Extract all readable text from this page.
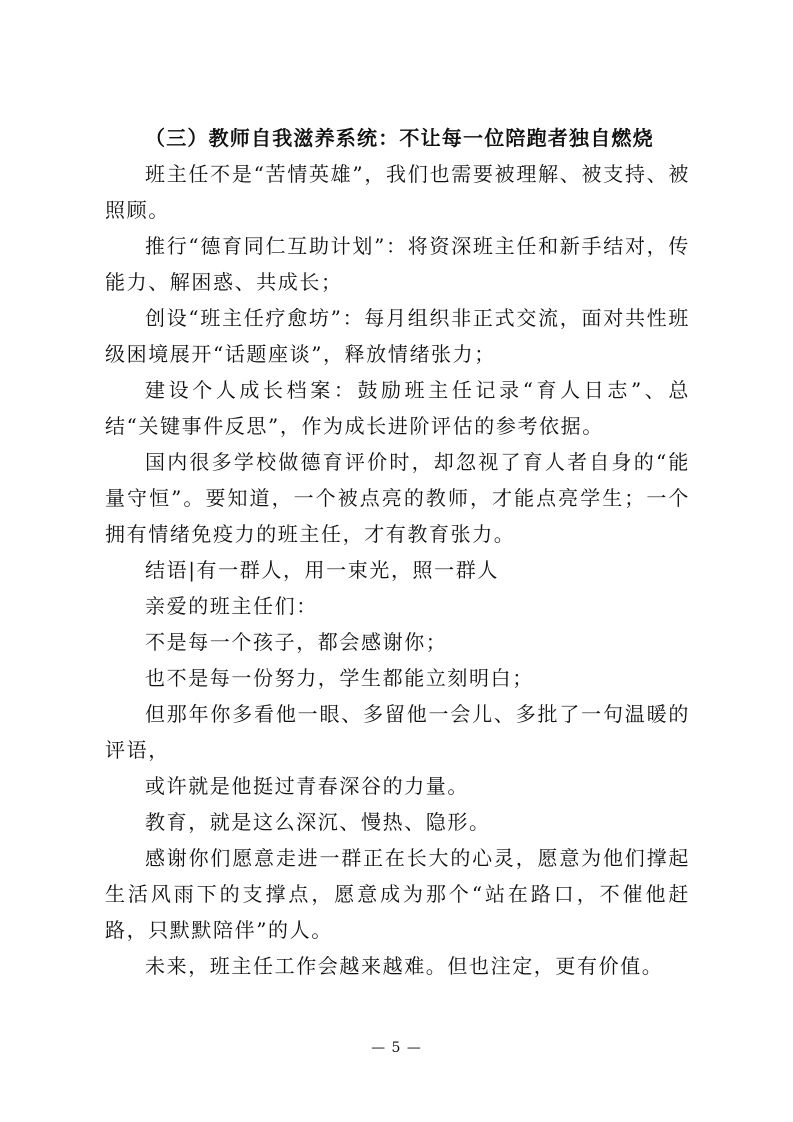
（三）教师自我滋养系统：不让每一位陪跑者独自燃烧

班主任不是“苦情英雄”，我们也需要被理解、被支持、被照顾。

推行“德育同仁互助计划”：将资深班主任和新手结对，传能力、解困惑、共成长；

创设“班主任疗愈坊”：每月组织非正式交流，面对共性班级困境展开“话题座谈”，释放情绪张力；

建设个人成长档案：鼓励班主任记录“育人日志”、总结“关键事件反思”，作为成长进阶评估的参考依据。

国内很多学校做德育评价时，却忽视了育人者自身的“能量守恒”。要知道，一个被点亮的教师，才能点亮学生；一个拥有情绪免疫力的班主任，才有教育张力。

结语|有一群人，用一束光，照一群人

亲爱的班主任们：

不是每一个孩子，都会感谢你；

也不是每一份努力，学生都能立刻明白；

但那年你多看他一眼、多留他一会儿、多批了一句温暖的评语，

或许就是他挺过青春深谷的力量。

教育，就是这么深沉、慢热、隐形。

感谢你们愿意走进一群正在长大的心灵，愿意为他们撑起生活风雨下的支撑点，愿意成为那个“站在路口，不催他赶路，只默默陪伴”的人。

未来，班主任工作会越来越难。但也注定，更有价值。

— 5 —
